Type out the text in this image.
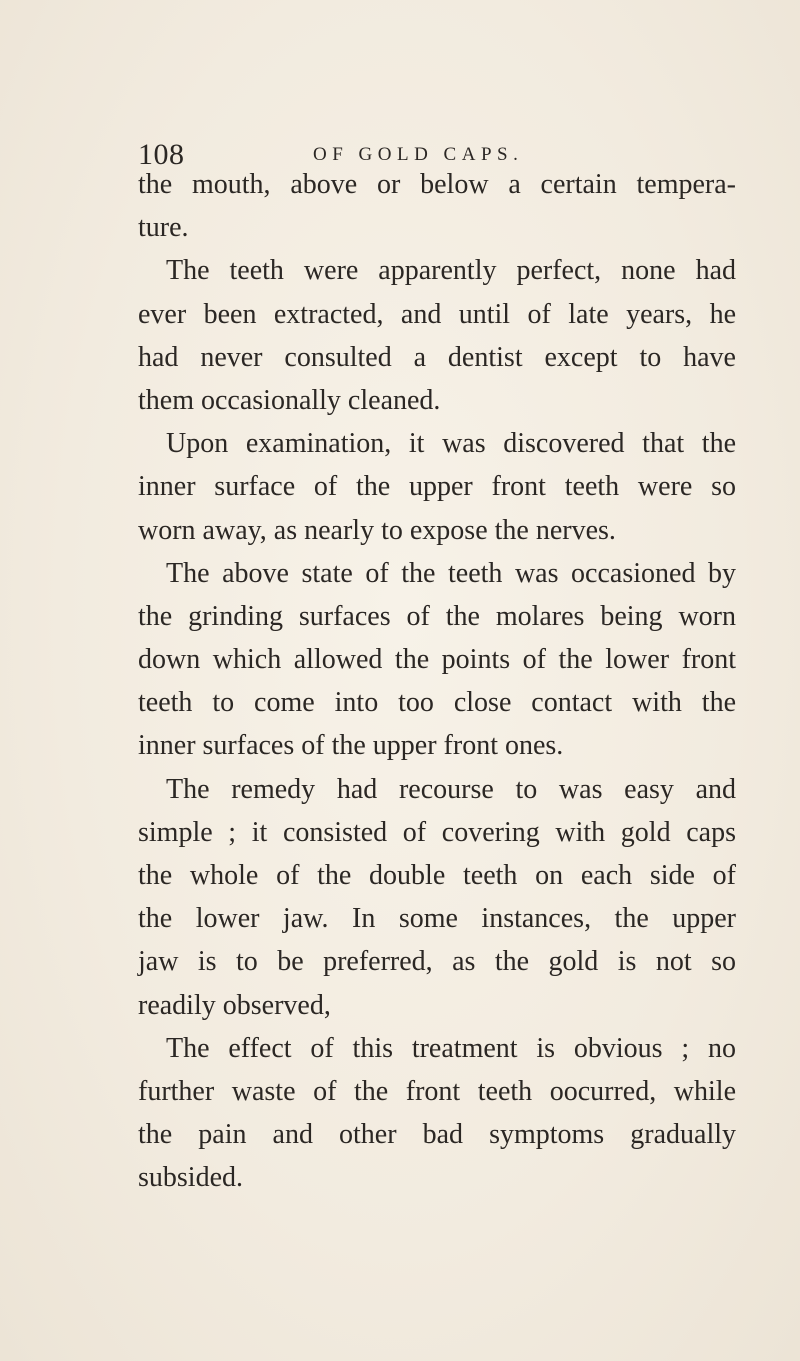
108	OF GOLD CAPS.
the mouth, above or below a certain tempera-
ture.
The teeth were apparently perfect, none had
ever been extracted, and until of late years, he
had never consulted a dentist except to have
them occasionally cleaned.
Upon examination, it was discovered that the
inner surface of the upper front teeth were so
worn away, as nearly to expose the nerves.
The above state of the teeth was occasioned by
the grinding surfaces of the molares being worn
down which allowed the points of the lower front
teeth to come into too close contact with the
inner surfaces of the upper front ones.
The remedy had recourse to was easy and
simple ; it consisted of covering with gold caps
the whole of the double teeth on each side of
the lower jaw. In some instances, the upper
jaw is to be preferred, as the gold is not so
readily observed,
The effect of this treatment is obvious ; no
further waste of the front teeth oocurred, while
the pain and other bad symptoms gradually
subsided.
